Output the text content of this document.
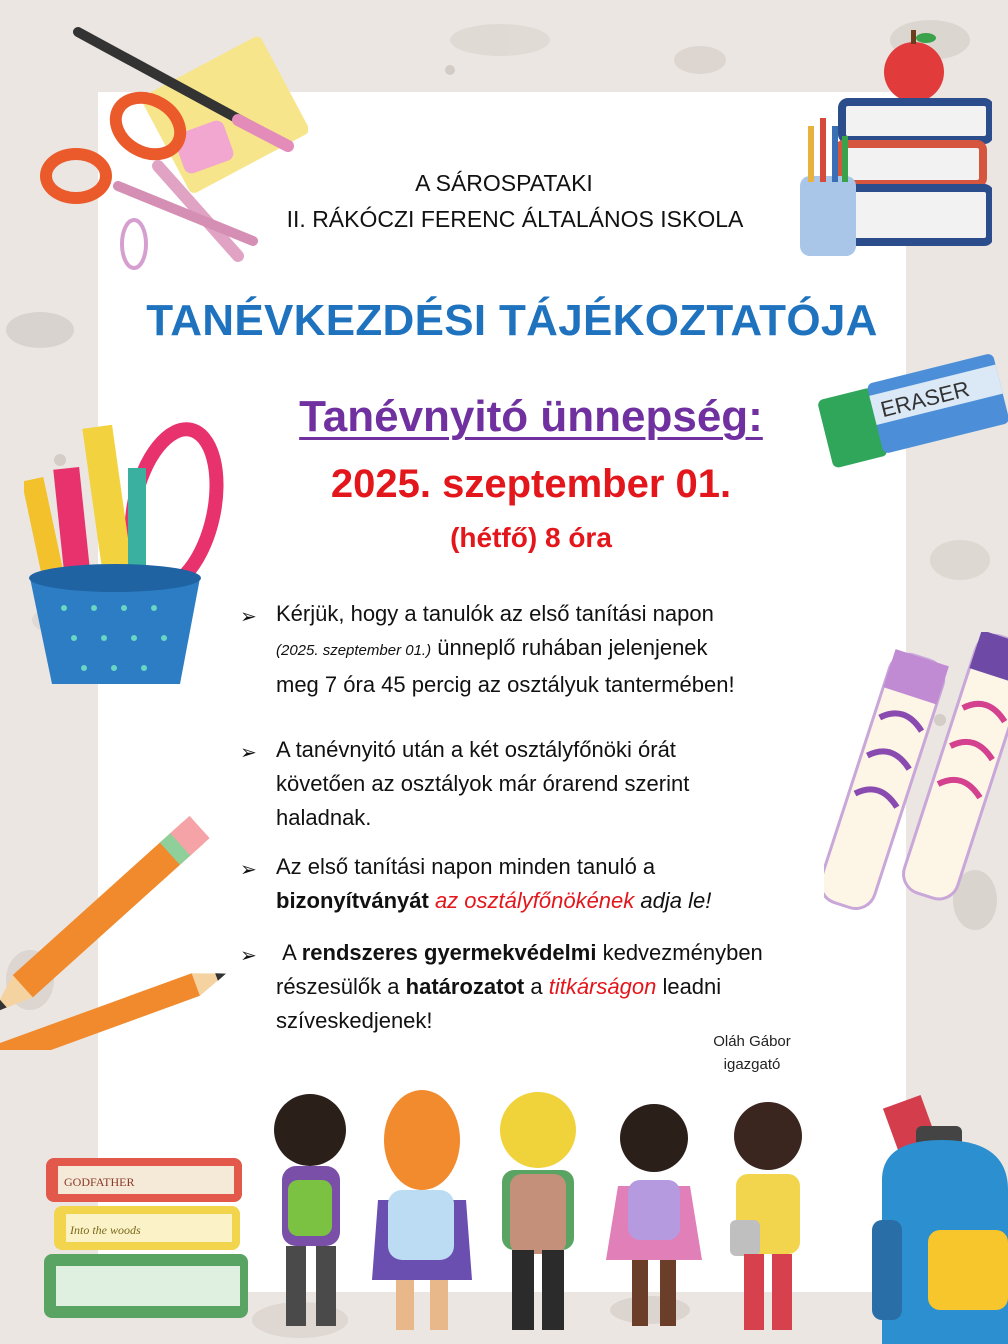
ERASER
GODFATHER
Into the woods
A SÁROSPATAKI
II. RÁKÓCZI FERENC ÁLTALÁNOS ISKOLA
TANÉVKEZDÉSI TÁJÉKOZTATÓJA
Tanévnyitó ünnepség:
2025. szeptember 01.
(hétfő) 8 óra
➢ Kérjük, hogy a tanulók az első tanítási napon
(2025. szeptember 01.) ünneplő ruhában jelenjenek
meg 7 óra 45 percig az osztályuk tantermében!
➢ A tanévnyitó után a két osztályfőnöki órát
követően az osztályok már órarend szerint
haladnak.
➢ Az első tanítási napon minden tanuló a
bizonyítványát az osztályfőnökének adja le!
➢ A rendszeres gyermekvédelmi kedvezményben
részesülők a határozatot a titkárságon leadni
szíveskedjenek!
Oláh Gábor
igazgató
